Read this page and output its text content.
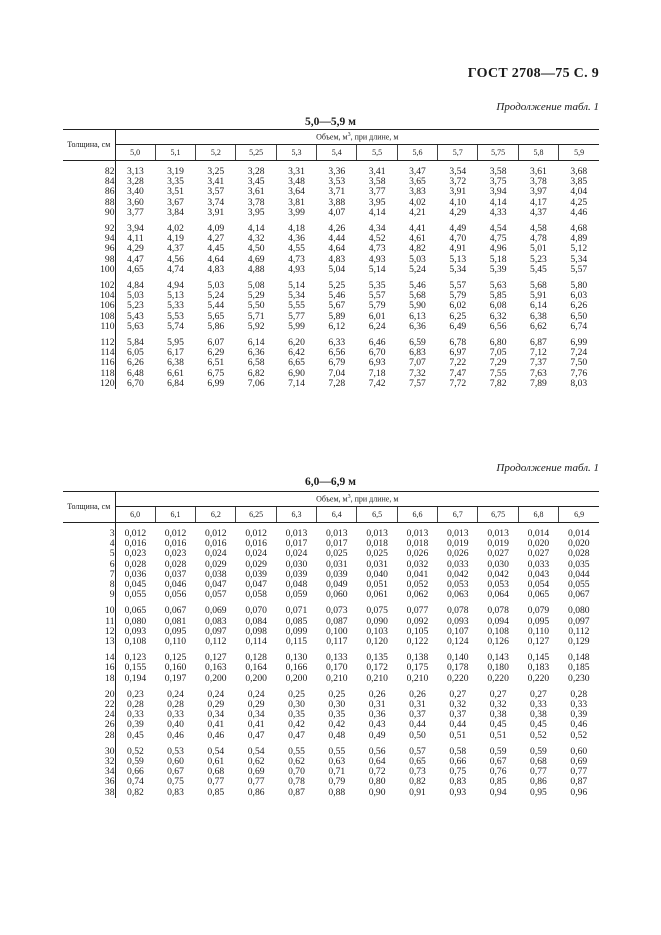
ГОСТ 2708—75 С. 9
Продолжение табл. 1
5,0—5,9 м
Толщина, см	Объем, $м^3$, при длине, м											
	5,0	5,1	5,2	5,25	5,3	5,4	5,5	5,6	5,7	5,75	5,8	5,9

82	3,13	3,19	3,25	3,28	3,31	3,36	3,41	3,47	3,54	3,58	3,61	3,68
84	3,28	3,35	3,41	3,45	3,48	3,53	3,58	3,65	3,72	3,75	3,78	3,85
86	3,40	3,51	3,57	3,61	3,64	3,71	3,77	3,83	3,91	3,94	3,97	4,04
88	3,60	3,67	3,74	3,78	3,81	3,88	3,95	4,02	4,10	4,14	4,17	4,25
90	3,77	3,84	3,91	3,95	3,99	4,07	4,14	4,21	4,29	4,33	4,37	4,46

92	3,94	4,02	4,09	4,14	4,18	4,26	4,34	4,41	4,49	4,54	4,58	4,68
94	4,11	4,19	4,27	4,32	4,36	4,44	4,52	4,61	4,70	4,75	4,78	4,89
96	4,29	4,37	4,45	4,50	4,55	4,64	4,73	4,82	4,91	4,96	5,01	5,12
98	4,47	4,56	4,64	4,69	4,73	4,83	4,93	5,03	5,13	5,18	5,23	5,34
100	4,65	4,74	4,83	4,88	4,93	5,04	5,14	5,24	5,34	5,39	5,45	5,57

102	4,84	4,94	5,03	5,08	5,14	5,25	5,35	5,46	5,57	5,63	5,68	5,80
104	5,03	5,13	5,24	5,29	5,34	5,46	5,57	5,68	5,79	5,85	5,91	6,03
106	5,23	5,33	5,44	5,50	5,55	5,67	5,79	5,90	6,02	6,08	6,14	6,26
108	5,43	5,53	5,65	5,71	5,77	5,89	6,01	6,13	6,25	6,32	6,38	6,50
110	5,63	5,74	5,86	5,92	5,99	6,12	6,24	6,36	6,49	6,56	6,62	6,74

112	5,84	5,95	6,07	6,14	6,20	6,33	6,46	6,59	6,78	6,80	6,87	6,99
114	6,05	6,17	6,29	6,36	6,42	6,56	6,70	6,83	6,97	7,05	7,12	7,24
116	6,26	6,38	6,51	6,58	6,65	6,79	6,93	7,07	7,22	7,29	7,37	7,50
118	6,48	6,61	6,75	6,82	6,90	7,04	7,18	7,32	7,47	7,55	7,63	7,76
120	6,70	6,84	6,99	7,06	7,14	7,28	7,42	7,57	7,72	7,82	7,89	8,03
Продолжение табл. 1
6,0—6,9 м
Толщина, см	Объем, $м^3$, при длине, м											
	6,0	6,1	6,2	6,25	6,3	6,4	6,5	6,6	6,7	6,75	6,8	6,9

3	0,012	0,012	0,012	0,012	0,013	0,013	0,013	0,013	0,013	0,013	0,014	0,014
4	0,016	0,016	0,016	0,016	0,017	0,017	0,018	0,018	0,019	0,019	0,020	0,020
5	0,023	0,023	0,024	0,024	0,024	0,025	0,025	0,026	0,026	0,027	0,027	0,028
6	0,028	0,028	0,029	0,029	0,030	0,031	0,031	0,032	0,033	0,030	0,033	0,035
7	0,036	0,037	0,038	0,039	0,039	0,039	0,040	0,041	0,042	0,042	0,043	0,044
8	0,045	0,046	0,047	0,047	0,048	0,049	0,051	0,052	0,053	0,053	0,054	0,055
9	0,055	0,056	0,057	0,058	0,059	0,060	0,061	0,062	0,063	0,064	0,065	0,067

10	0,065	0,067	0,069	0,070	0,071	0,073	0,075	0,077	0,078	0,078	0,079	0,080
11	0,080	0,081	0,083	0,084	0,085	0,087	0,090	0,092	0,093	0,094	0,095	0,097
12	0,093	0,095	0,097	0,098	0,099	0,100	0,103	0,105	0,107	0,108	0,110	0,112
13	0,108	0,110	0,112	0,114	0,115	0,117	0,120	0,122	0,124	0,126	0,127	0,129

14	0,123	0,125	0,127	0,128	0,130	0,133	0,135	0,138	0,140	0,143	0,145	0,148
16	0,155	0,160	0,163	0,164	0,166	0,170	0,172	0,175	0,178	0,180	0,183	0,185
18	0,194	0,197	0,200	0,200	0,200	0,210	0,210	0,210	0,220	0,220	0,220	0,230

20	0,23	0,24	0,24	0,24	0,25	0,25	0,26	0,26	0,27	0,27	0,27	0,28
22	0,28	0,28	0,29	0,29	0,30	0,30	0,31	0,31	0,32	0,32	0,33	0,33
24	0,33	0,33	0,34	0,34	0,35	0,35	0,36	0,37	0,37	0,38	0,38	0,39
26	0,39	0,40	0,41	0,41	0,42	0,42	0,43	0,44	0,44	0,45	0,45	0,46
28	0,45	0,46	0,46	0,47	0,47	0,48	0,49	0,50	0,51	0,51	0,52	0,52

30	0,52	0,53	0,54	0,54	0,55	0,55	0,56	0,57	0,58	0,59	0,59	0,60
32	0,59	0,60	0,61	0,62	0,62	0,63	0,64	0,65	0,66	0,67	0,68	0,69
34	0,66	0,67	0,68	0,69	0,70	0,71	0,72	0,73	0,75	0,76	0,77	0,77
36	0,74	0,75	0,77	0,77	0,78	0,79	0,80	0,82	0,83	0,85	0,86	0,87
38	0,82	0,83	0,85	0,86	0,87	0,88	0,90	0,91	0,93	0,94	0,95	0,96
